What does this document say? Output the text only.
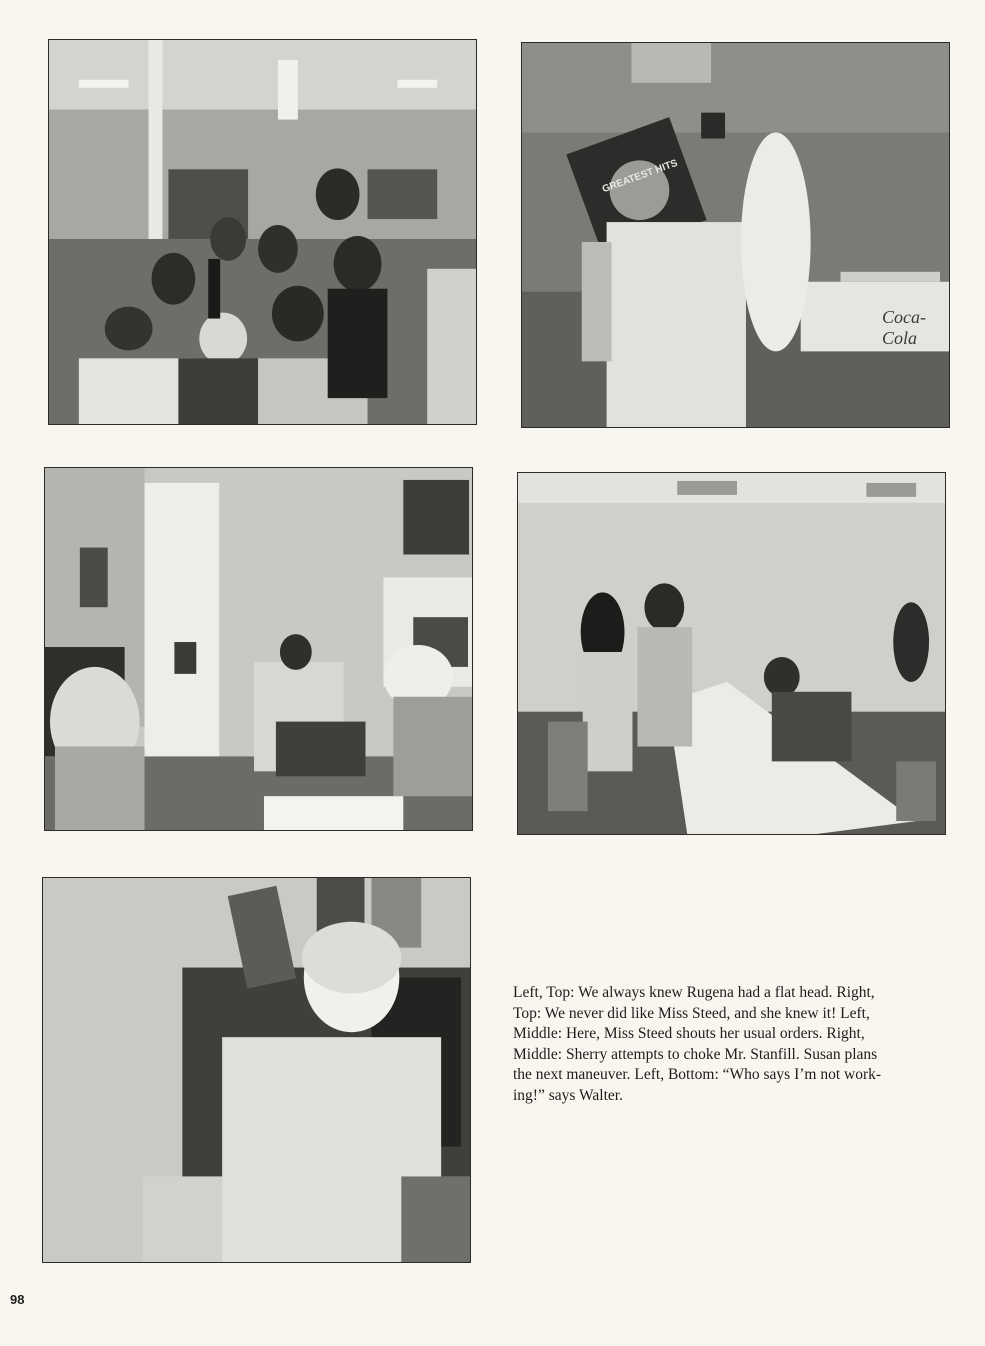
GREATEST HITS
Coca-Cola

Left, Top: We always knew Rugena had a flat head. Right,
Top: We never did like Miss Steed, and she knew it! Left,
Middle: Here, Miss Steed shouts her usual orders. Right,
Middle: Sherry attempts to choke Mr. Stanfill. Susan plans
the next maneuver. Left, Bottom: “Who says I’m not work-
ing!” says Walter.

98
